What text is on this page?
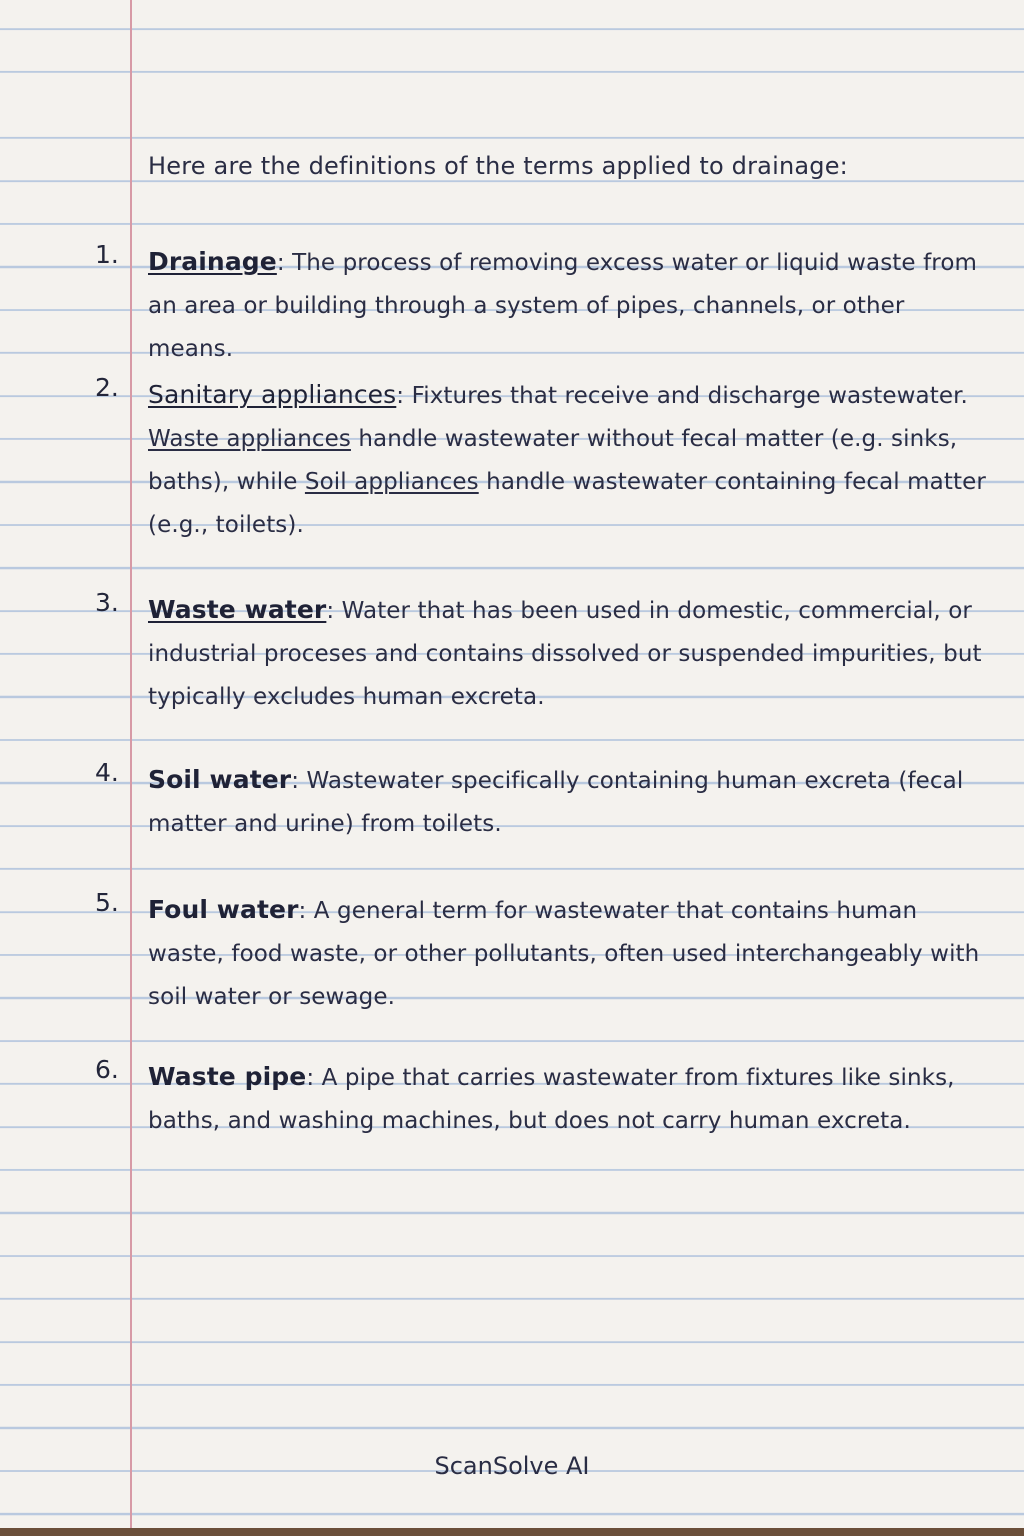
Here are the definitions of the terms applied to drainage:
1. Drainage: The process of removing excess water or liquid waste from an area or building through a system of pipes, channels, or other means.
2. Sanitary appliances: Fixtures that receive and discharge wastewater. Waste appliances handle wastewater without fecal matter (e.g. sinks, baths), while Soil appliances handle wastewater containing fecal matter (e.g., toilets).
3. Waste water: Water that has been used in domestic, commercial, or industrial proceses and contains dissolved or suspended impurities, but typically excludes human excreta.
4. Soil water: Wastewater specifically containing human excreta (fecal matter and urine) from toilets.
5. Foul water: A general term for wastewater that contains human waste, food waste, or other pollutants, often used interchangeably with soil water or sewage.
6. Waste pipe: A pipe that carries wastewater from fixtures like sinks, baths, and washing machines, but does not carry human excreta.
ScanSolve AI
